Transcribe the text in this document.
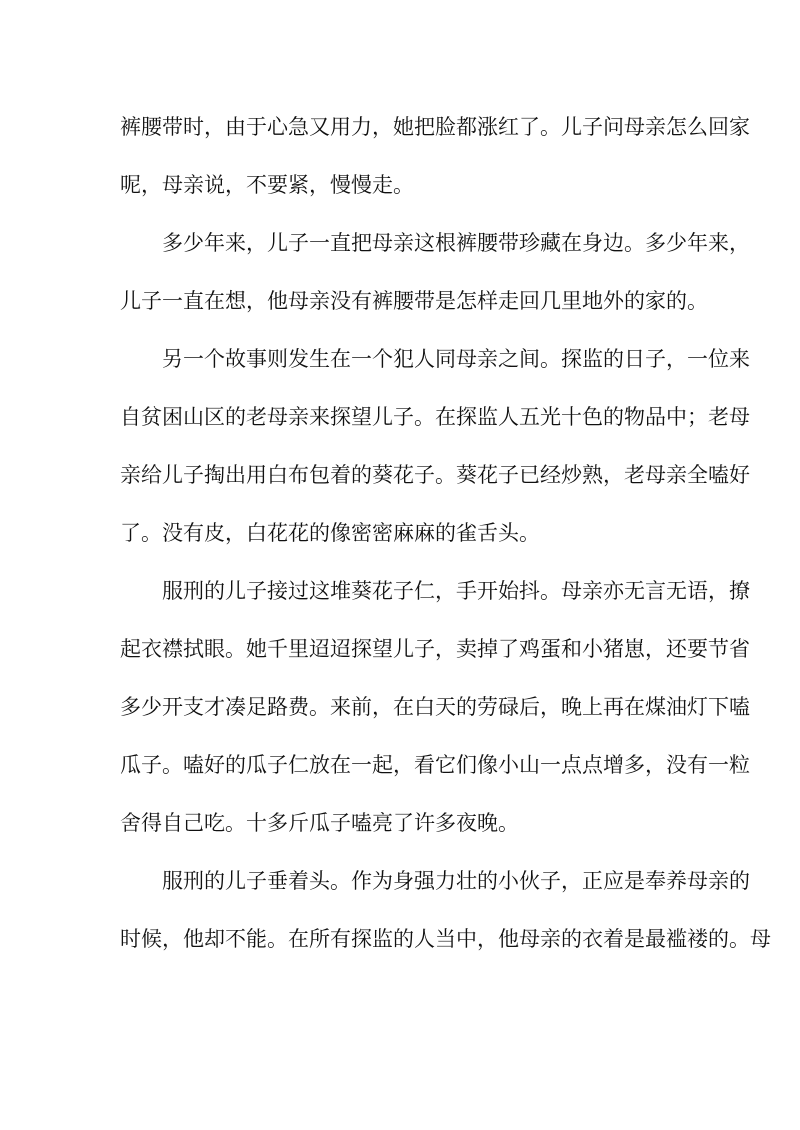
裤腰带时，由于心急又用力，她把脸都涨红了。儿子问母亲怎么回家
呢，母亲说，不要紧，慢慢走。
多少年来，儿子一直把母亲这根裤腰带珍藏在身边。多少年来，
儿子一直在想，他母亲没有裤腰带是怎样走回几里地外的家的。
另一个故事则发生在一个犯人同母亲之间。探监的日子，一位来
自贫困山区的老母亲来探望儿子。在探监人五光十色的物品中；老母
亲给儿子掏出用白布包着的葵花子。葵花子已经炒熟，老母亲全嗑好
了。没有皮，白花花的像密密麻麻的雀舌头。
服刑的儿子接过这堆葵花子仁，手开始抖。母亲亦无言无语，撩
起衣襟拭眼。她千里迢迢探望儿子，卖掉了鸡蛋和小猪崽，还要节省
多少开支才凑足路费。来前，在白天的劳碌后，晚上再在煤油灯下嗑
瓜子。嗑好的瓜子仁放在一起，看它们像小山一点点增多，没有一粒
舍得自己吃。十多斤瓜子嗑亮了许多夜晚。
服刑的儿子垂着头。作为身强力壮的小伙子，正应是奉养母亲的
时候，他却不能。在所有探监的人当中，他母亲的衣着是最褴褛的。母
